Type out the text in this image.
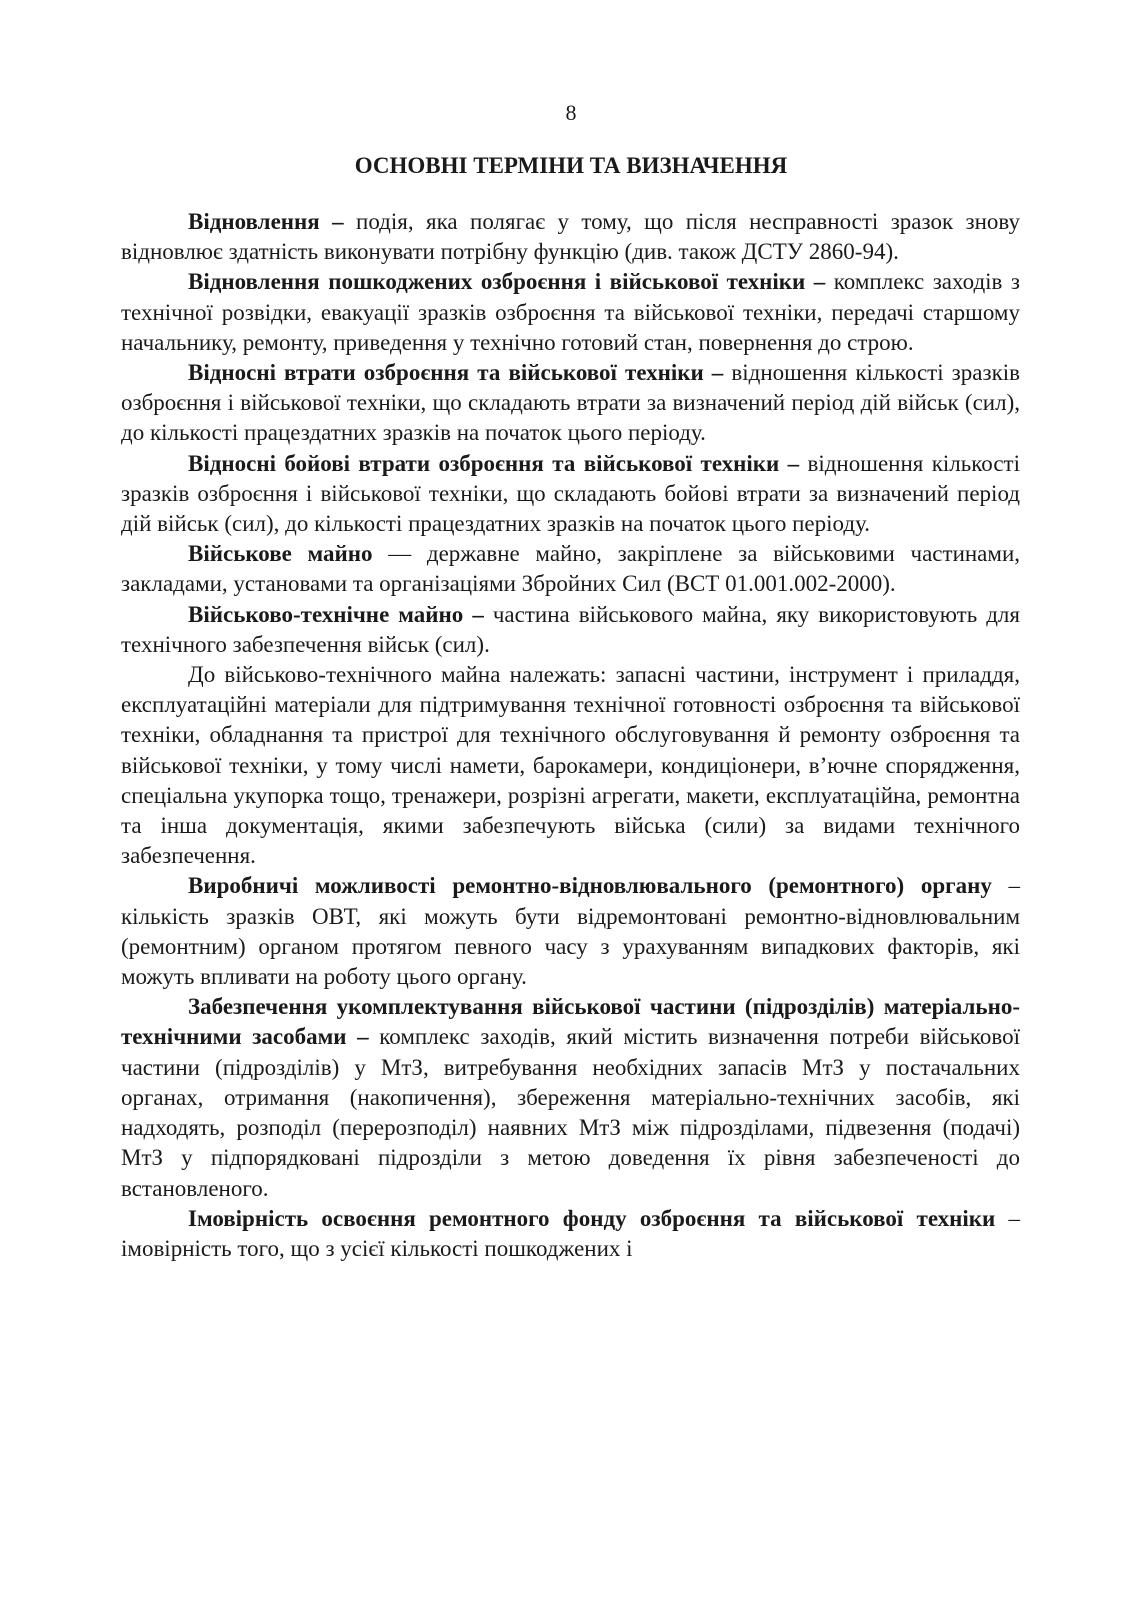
8
ОСНОВНІ ТЕРМІНИ ТА ВИЗНАЧЕННЯ

Відновлення – подія, яка полягає у тому, що після несправності зразок знову відновлює здатність виконувати потрібну функцію (див. також ДСТУ 2860-94).

Відновлення пошкоджених озброєння і військової техніки – комплекс заходів з технічної розвідки, евакуації зразків озброєння та військової техніки, передачі старшому начальнику, ремонту, приведення у технічно готовий стан, повернення до строю.

Відносні втрати озброєння та військової техніки – відношення кількості зразків озброєння і військової техніки, що складають втрати за визначений період дій військ (сил), до кількості працездатних зразків на початок цього періоду.

Відносні бойові втрати озброєння та військової техніки – відношення кількості зразків озброєння і військової техніки, що складають бойові втрати за визначений період дій військ (сил), до кількості працездатних зразків на початок цього періоду.

Військове майно — державне майно, закріплене за військовими частинами, закладами, установами та організаціями Збройних Сил (ВСТ 01.001.002-2000).

Військово-технічне майно – частина військового майна, яку використовують для технічного забезпечення військ (сил).

До військово-технічного майна належать: запасні частини, інструмент і приладдя, експлуатаційні матеріали для підтримування технічної готовності озброєння та військової техніки, обладнання та пристрої для технічного обслуговування й ремонту озброєння та військової техніки, у тому числі намети, барокамери, кондиціонери, в’ючне спорядження, спеціальна укупорка тощо, тренажери, розрізні агрегати, макети, експлуатаційна, ремонтна та інша документація, якими забезпечують війська (сили) за видами технічного забезпечення.

Виробничі можливості ремонтно-відновлювального (ремонтного) органу – кількість зразків ОВТ, які можуть бути відремонтовані ремонтно-відновлювальним (ремонтним) органом протягом певного часу з урахуванням випадкових факторів, які можуть впливати на роботу цього органу.

Забезпечення укомплектування військової частини (підрозділів) матеріально-технічними засобами – комплекс заходів, який містить визначення потреби військової частини (підрозділів) у МтЗ, витребування необхідних запасів МтЗ у постачальних органах, отримання (накопичення), збереження матеріально-технічних засобів, які надходять, розподіл (перерозподіл) наявних МтЗ між підрозділами, підвезення (подачі) МтЗ у підпорядковані підрозділи з метою доведення їх рівня забезпеченості до встановленого.

Імовірність освоєння ремонтного фонду озброєння та військової техніки – імовірність того, що з усієї кількості пошкоджених і
